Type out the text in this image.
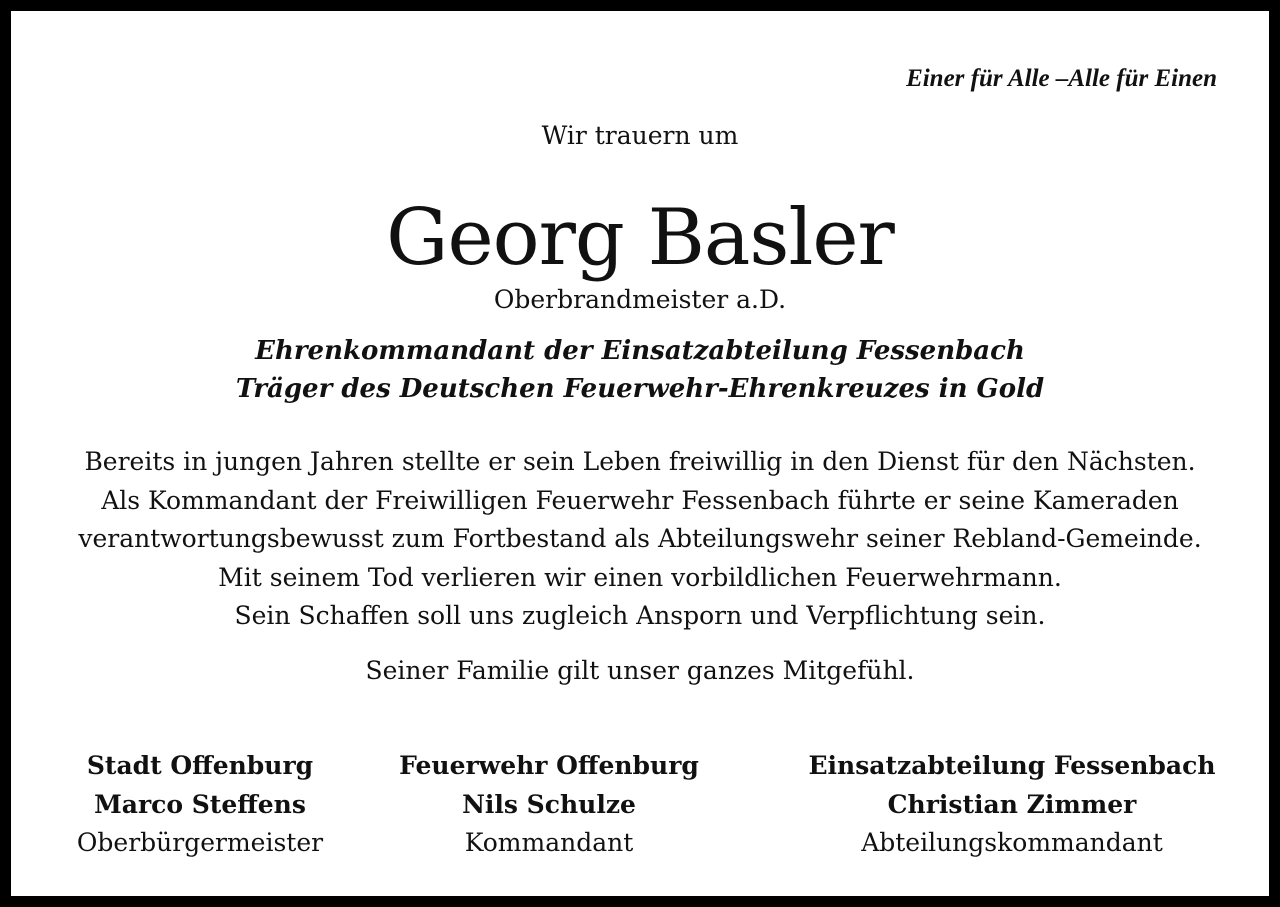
Einer für Alle –Alle für Einen
Wir trauern um
Georg Basler
Oberbrandmeister a.D.
Ehrenkommandant der Einsatzabteilung Fessenbach
Träger des Deutschen Feuerwehr-Ehrenkreuzes in Gold
Bereits in jungen Jahren stellte er sein Leben freiwillig in den Dienst für den Nächsten.
Als Kommandant der Freiwilligen Feuerwehr Fessenbach führte er seine Kameraden
verantwortungsbewusst zum Fortbestand als Abteilungswehr seiner Rebland-Gemeinde.
Mit seinem Tod verlieren wir einen vorbildlichen Feuerwehrmann.
Sein Schaffen soll uns zugleich Ansporn und Verpflichtung sein.
Seiner Familie gilt unser ganzes Mitgefühl.
Stadt Offenburg
Marco Steffens
Oberbürgermeister
Feuerwehr Offenburg
Nils Schulze
Kommandant
Einsatzabteilung Fessenbach
Christian Zimmer
Abteilungskommandant
